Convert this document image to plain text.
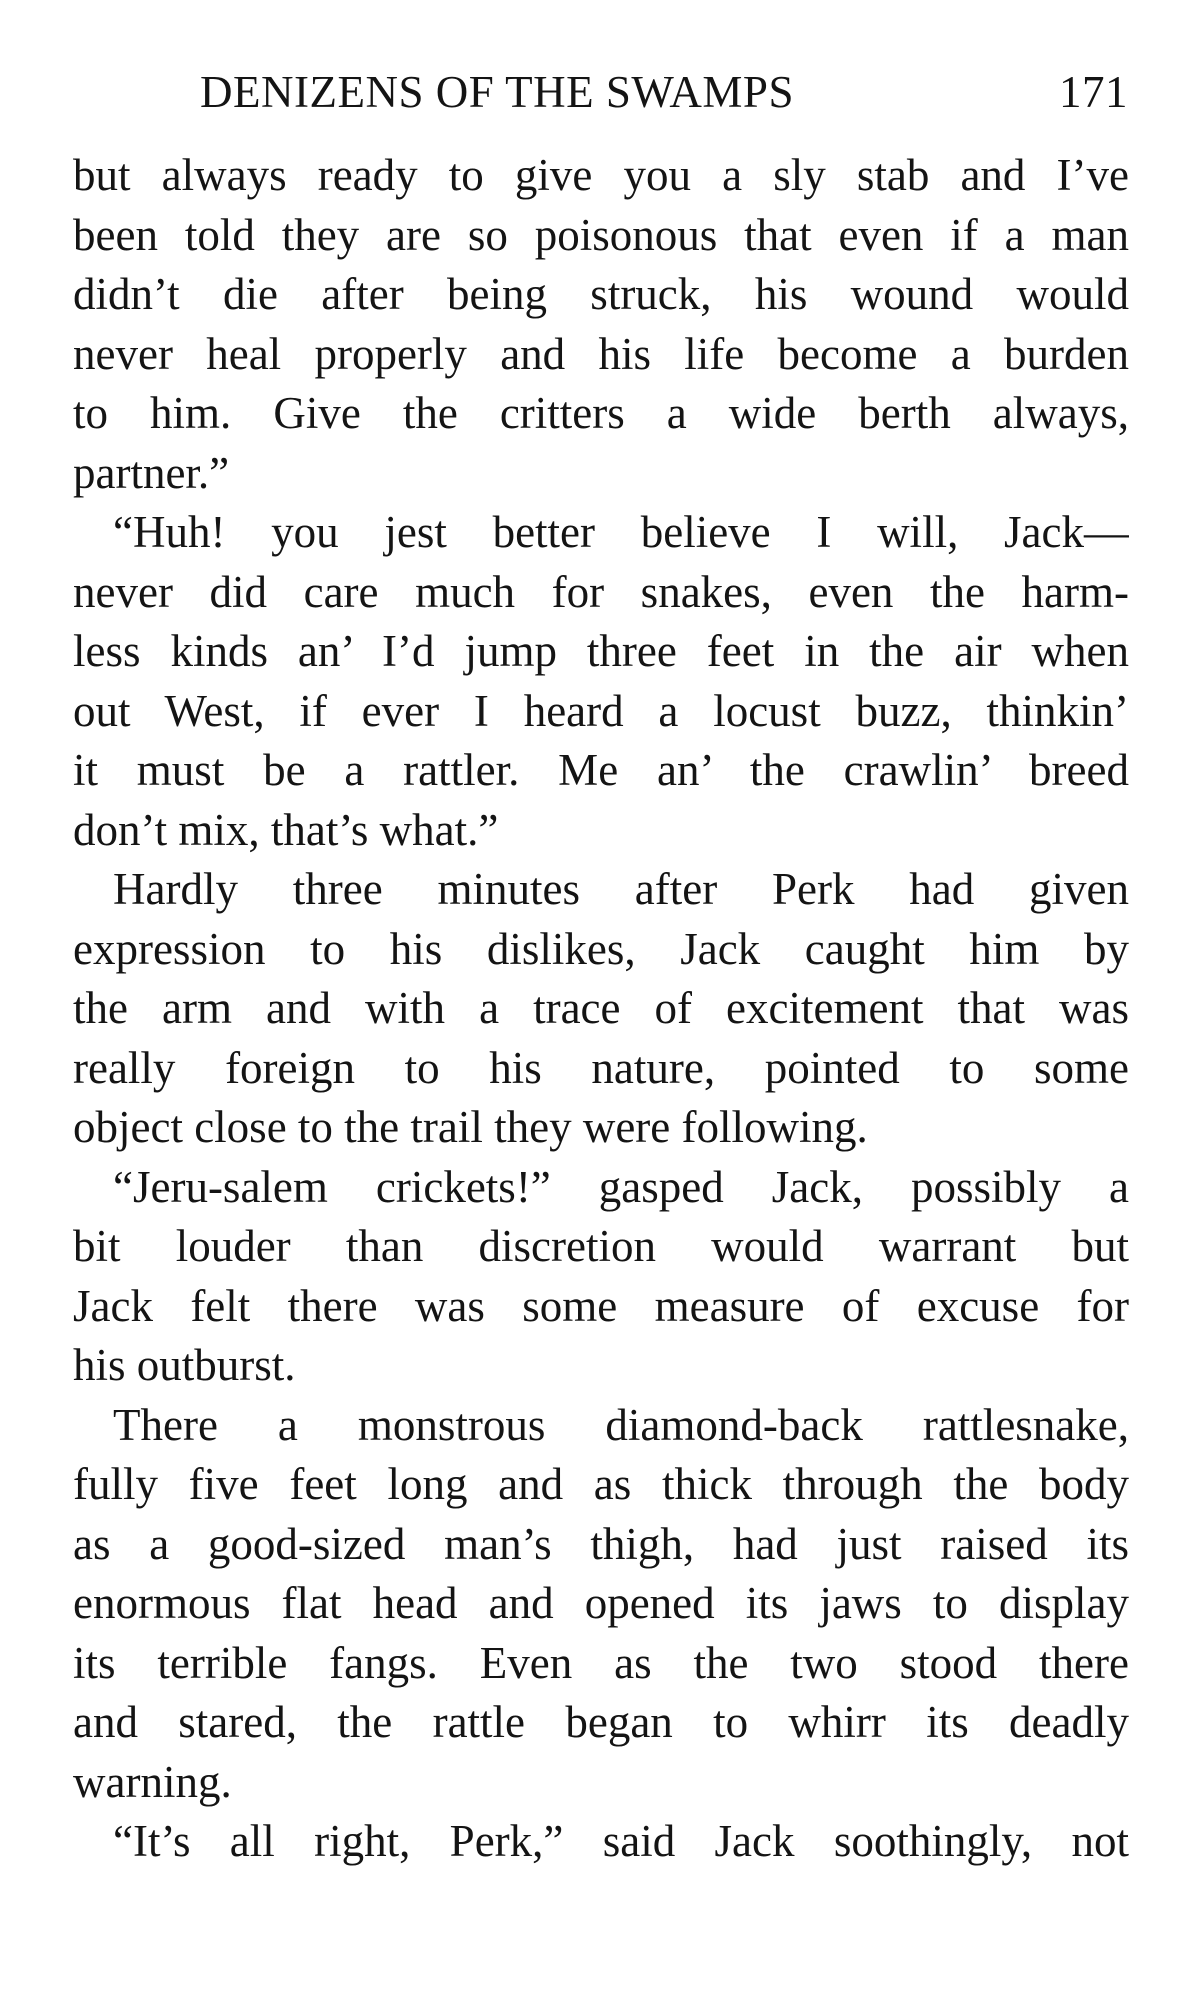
DENIZENS OF THE SWAMPS	171
but always ready to give you a sly stab and I’ve
been told they are so poisonous that even if a man
didn’t die after being struck, his wound would
never heal properly and his life become a burden
to him. Give the critters a wide berth always,
partner.”
“Huh! you jest better believe I will, Jack—
never did care much for snakes, even the harm-
less kinds an’ I’d jump three feet in the air when
out West, if ever I heard a locust buzz, thinkin’
it must be a rattler. Me an’ the crawlin’ breed
don’t mix, that’s what.”
Hardly three minutes after Perk had given
expression to his dislikes, Jack caught him by
the arm and with a trace of excitement that was
really foreign to his nature, pointed to some
object close to the trail they were following.
“Jeru-salem crickets!” gasped Jack, possibly a
bit louder than discretion would warrant but
Jack felt there was some measure of excuse for
his outburst.
There a monstrous diamond-back rattlesnake,
fully five feet long and as thick through the body
as a good-sized man’s thigh, had just raised its
enormous flat head and opened its jaws to display
its terrible fangs. Even as the two stood there
and stared, the rattle began to whirr its deadly
warning.
“It’s all right, Perk,” said Jack soothingly, not
